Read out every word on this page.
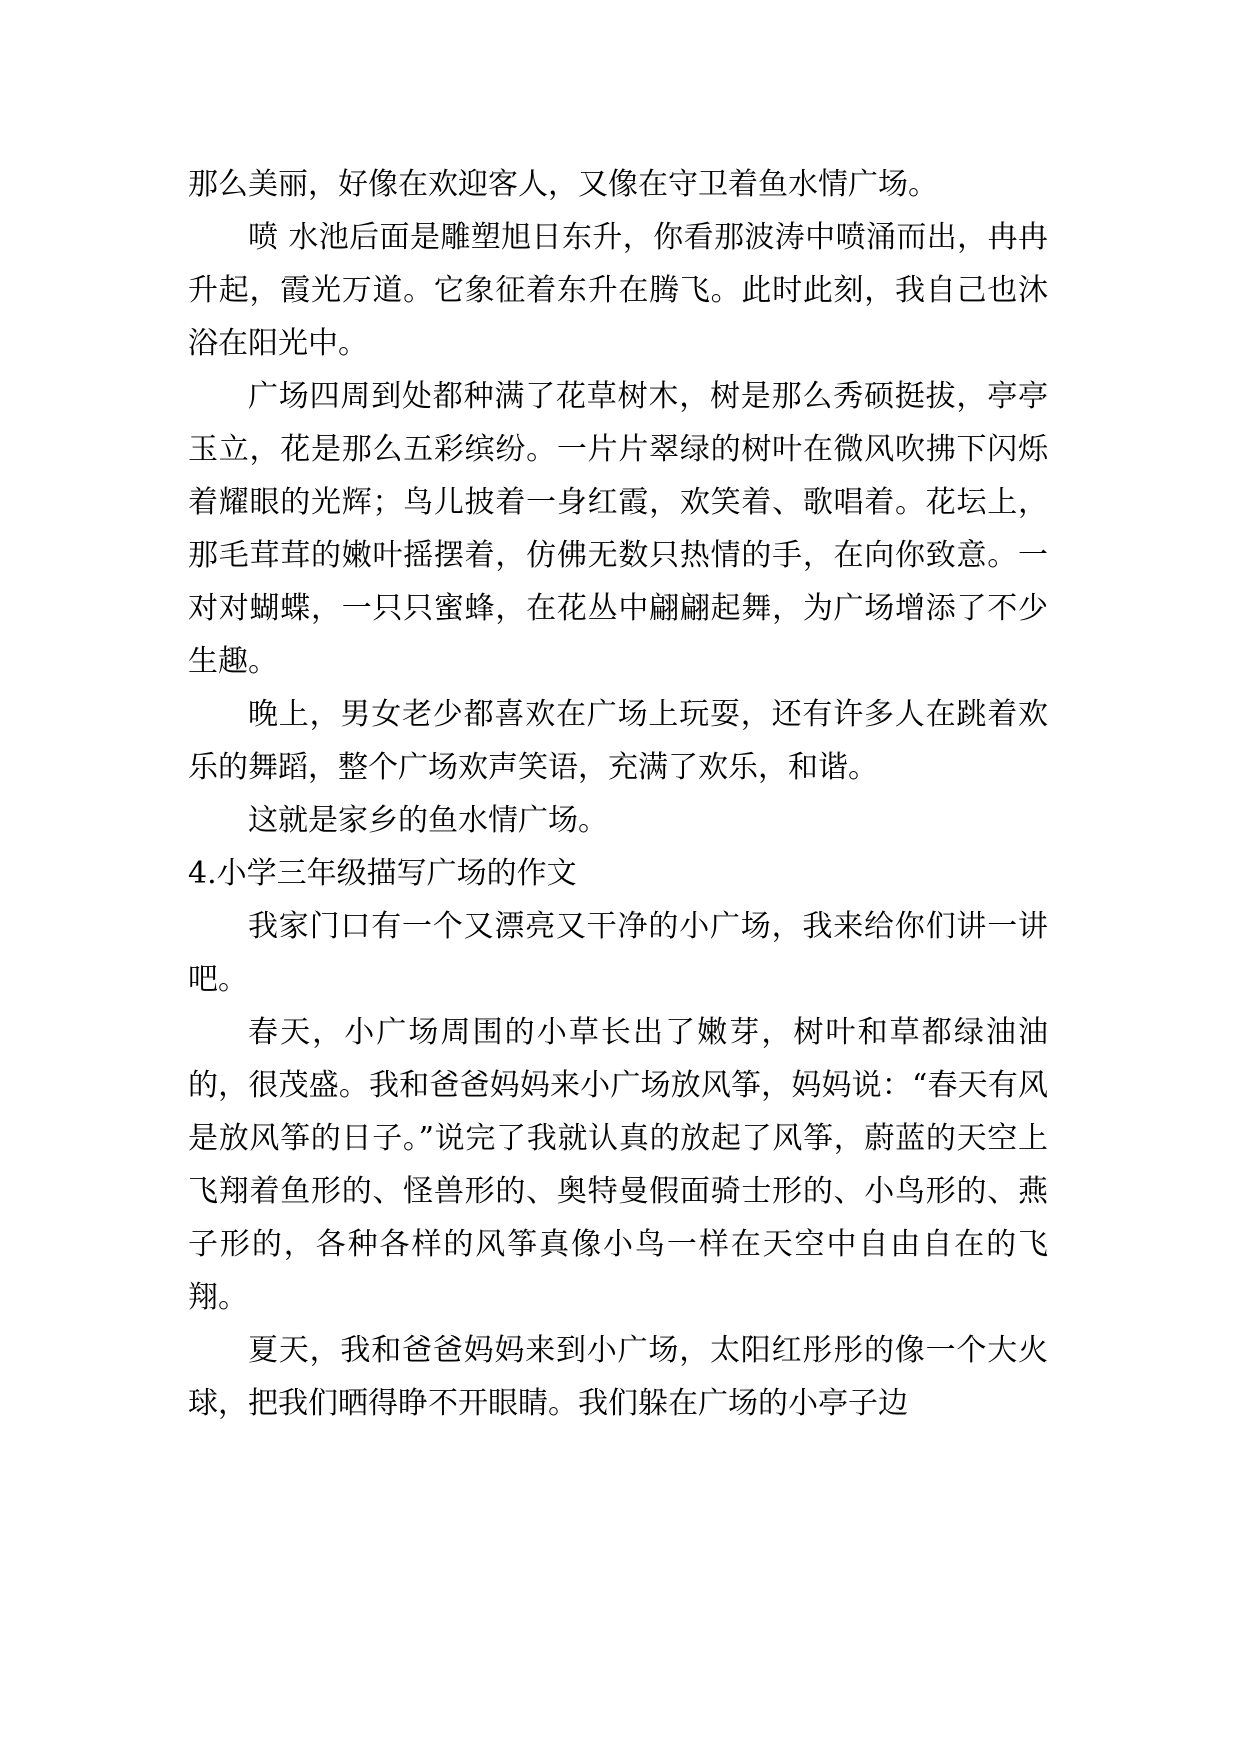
那么美丽，好像在欢迎客人，又像在守卫着鱼水情广场。

喷 水池后面是雕塑旭日东升，你看那波涛中喷涌而出，冉冉升起，霞光万道。它象征着东升在腾飞。此时此刻，我自己也沐浴在阳光中。

广场四周到处都种满了花草树木，树是那么秀硕挺拔，亭亭玉立，花是那么五彩缤纷。一片片翠绿的树叶在微风吹拂下闪烁着耀眼的光辉；鸟儿披着一身红霞，欢笑着、歌唱着。花坛上，那毛茸茸的嫩叶摇摆着，仿佛无数只热情的手，在向你致意。一对对蝴蝶，一只只蜜蜂，在花丛中翩翩起舞，为广场增添了不少生趣。

晚上，男女老少都喜欢在广场上玩耍，还有许多人在跳着欢乐的舞蹈，整个广场欢声笑语，充满了欢乐，和谐。

这就是家乡的鱼水情广场。

4.小学三年级描写广场的作文

我家门口有一个又漂亮又干净的小广场，我来给你们讲一讲吧。

春天，小广场周围的小草长出了嫩芽，树叶和草都绿油油的，很茂盛。我和爸爸妈妈来小广场放风筝，妈妈说：“春天有风是放风筝的日子。”说完了我就认真的放起了风筝，蔚蓝的天空上飞翔着鱼形的、怪兽形的、奥特曼假面骑士形的、小鸟形的、燕子形的，各种各样的风筝真像小鸟一样在天空中自由自在的飞翔。

夏天，我和爸爸妈妈来到小广场，太阳红彤彤的像一个大火球，把我们晒得睁不开眼睛。我们躲在广场的小亭子边
